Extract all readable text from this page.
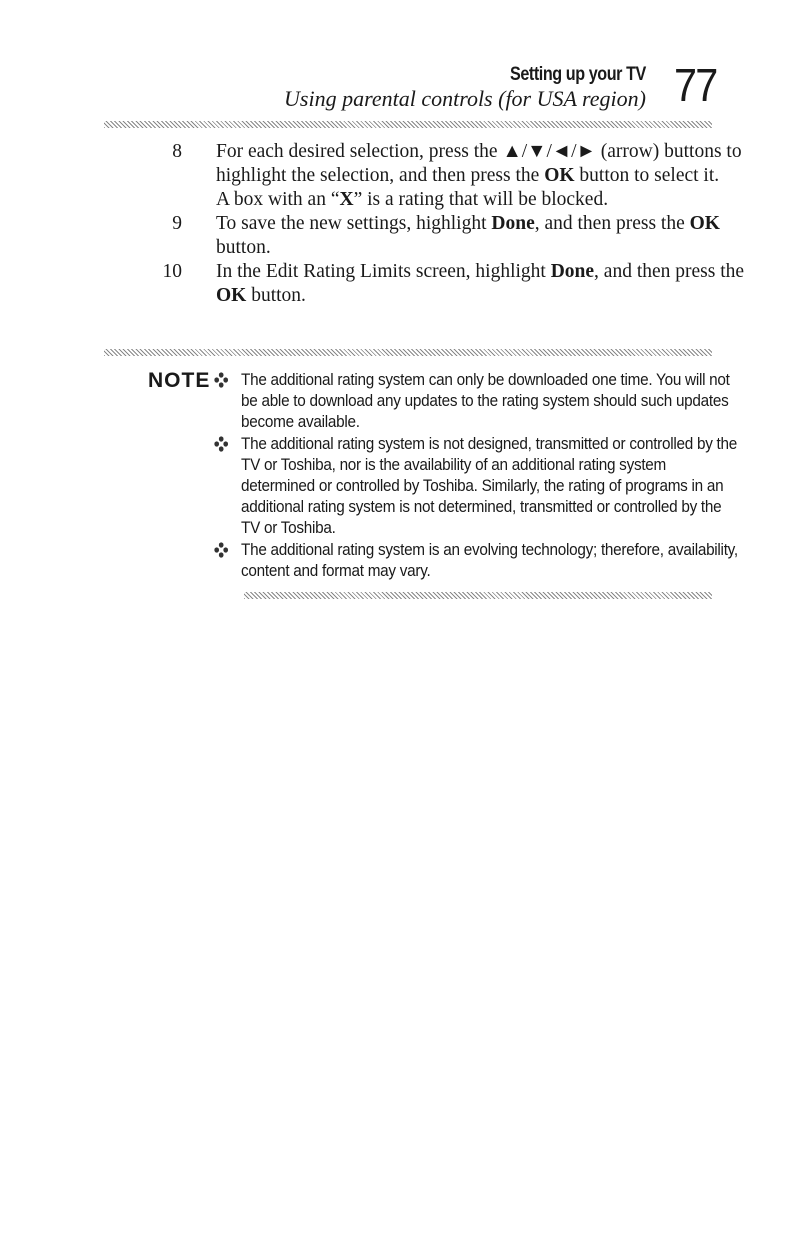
Setting up your TV
Using parental controls (for USA region) 77
8 For each desired selection, press the ▲/▼/◄/► (arrow) buttons to highlight the selection, and then press the OK button to select it.

A box with an “X” is a rating that will be blocked.

9 To save the new settings, highlight Done, and then press the OK button.

10 In the Edit Rating Limits screen, highlight Done, and then press the OK button.

NOTE	The additional rating system can only be downloaded one time. You will not be able to download any updates to the rating system should such updates become available.
The additional rating system is not designed, transmitted or controlled by the TV or Toshiba, nor is the availability of an additional rating system determined or controlled by Toshiba. Similarly, the rating of programs in an additional rating system is not determined, transmitted or controlled by the TV or Toshiba.
The additional rating system is an evolving technology; therefore, availability, content and format may vary.
